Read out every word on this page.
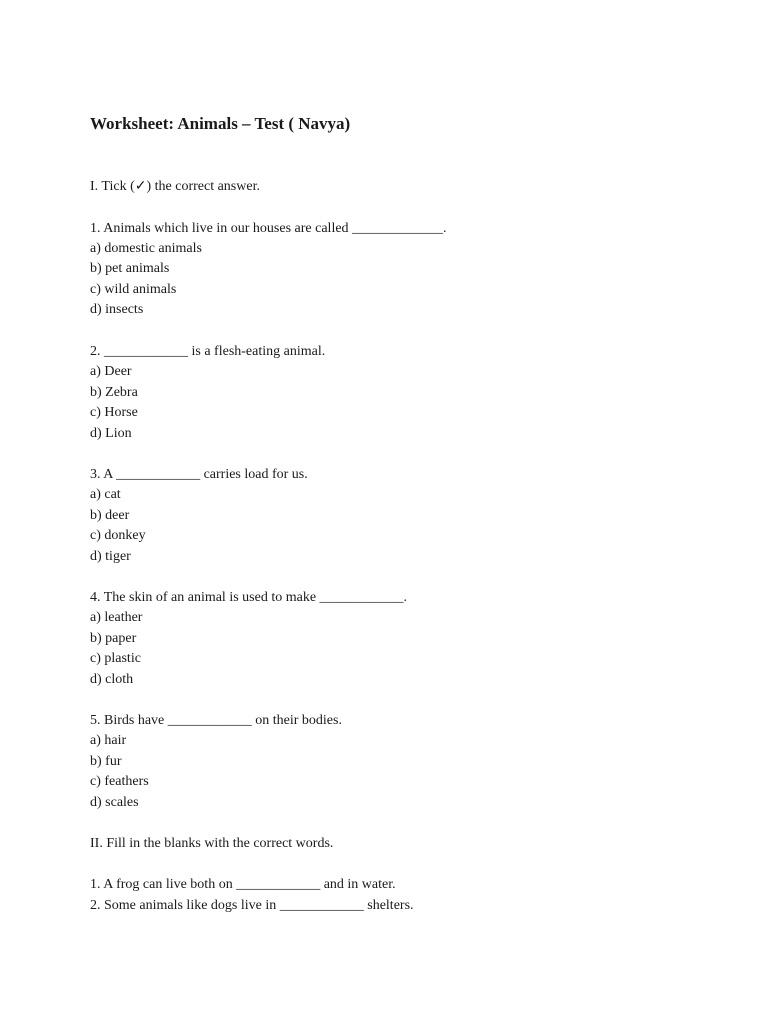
Worksheet: Animals – Test ( Navya)
I. Tick (✓) the correct answer.
1. Animals which live in our houses are called _____________.
a) domestic animals
b) pet animals
c) wild animals
d) insects
2. ____________ is a flesh-eating animal.
a) Deer
b) Zebra
c) Horse
d) Lion
3. A ____________ carries load for us.
a) cat
b) deer
c) donkey
d) tiger
4. The skin of an animal is used to make ____________.
a) leather
b) paper
c) plastic
d) cloth
5. Birds have ____________ on their bodies.
a) hair
b) fur
c) feathers
d) scales
II. Fill in the blanks with the correct words.
1. A frog can live both on ____________ and in water.
2. Some animals like dogs live in ____________ shelters.
